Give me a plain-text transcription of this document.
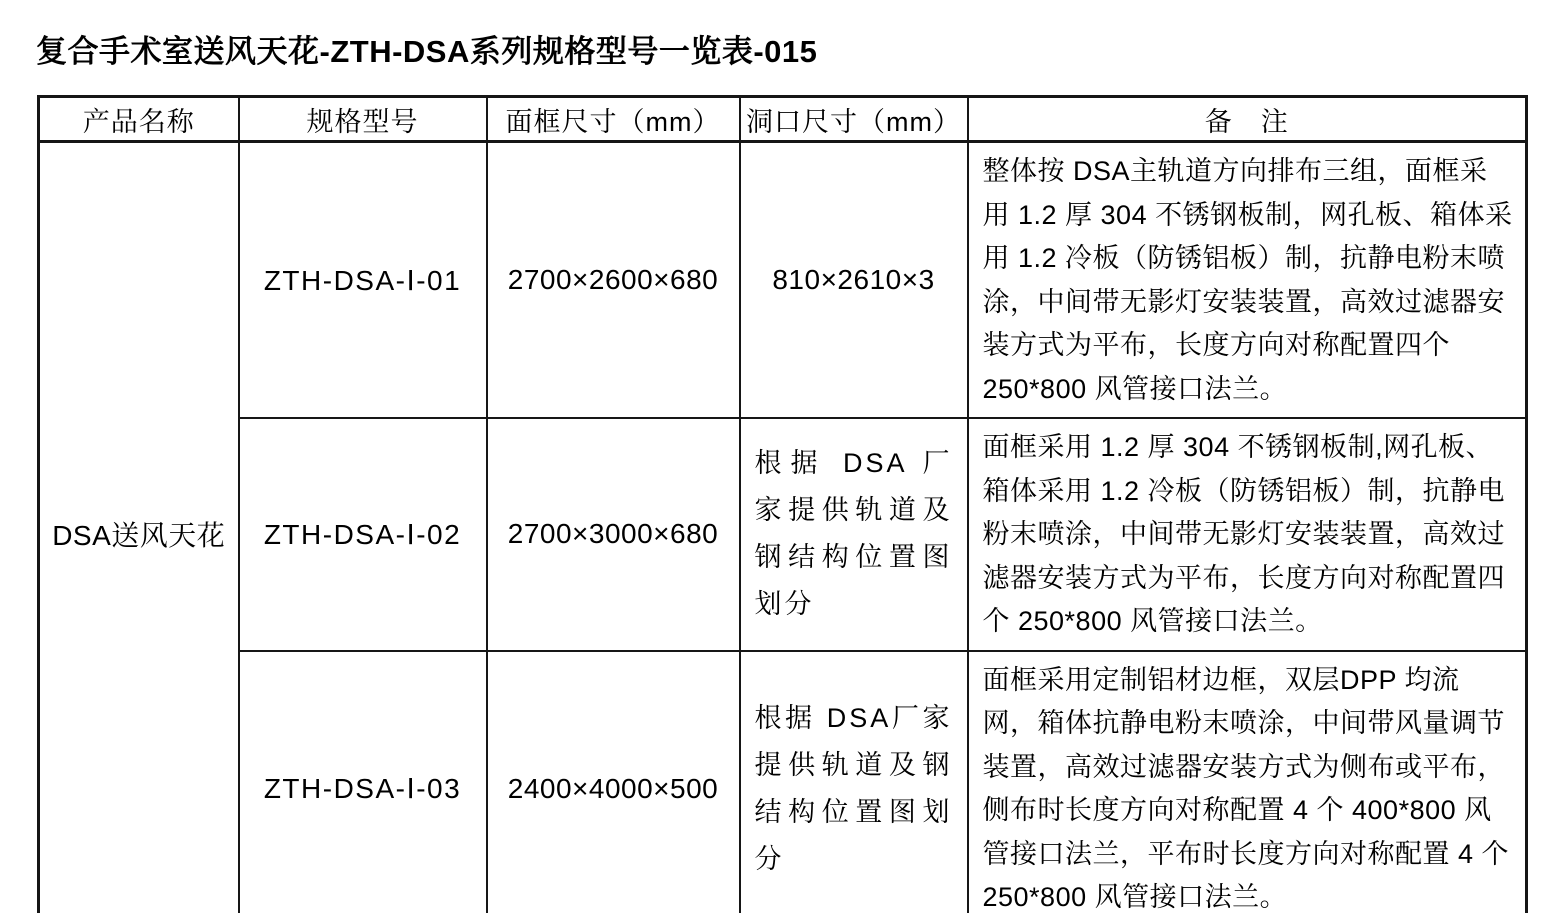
复合手术室送风天花-ZTH-DSA系列规格型号一览表-015
产品名称	规格型号	面框尺寸（mm）	洞口尺寸（mm）	备　注
DSA送风天花	ZTH-DSA-Ⅰ-01	2700×2600×680	810×2610×3	整体按 DSA主轨道方向排布三组，面框采用 1.2 厚 304 不锈钢板制，网孔板、箱体采用 1.2 冷板（防锈铝板）制，抗静电粉末喷涂，中间带无影灯安装装置，高效过滤器安装方式为平布，长度方向对称配置四个 250*800 风管接口法兰。
	ZTH-DSA-Ⅰ-02	2700×3000×680	根据 DSA 厂家提供轨道及钢结构位置图划分	面框采用 1.2 厚 304 不锈钢板制,网孔板、箱体采用 1.2 冷板（防锈铝板）制，抗静电粉末喷涂，中间带无影灯安装装置，高效过滤器安装方式为平布，长度方向对称配置四个 250*800 风管接口法兰。
	ZTH-DSA-Ⅰ-03	2400×4000×500	根据 DSA厂家提供轨道及钢结构位置图划分	面框采用定制铝材边框，双层DPP 均流网，箱体抗静电粉末喷涂，中间带风量调节装置，高效过滤器安装方式为侧布或平布，侧布时长度方向对称配置 4 个 400*800 风管接口法兰，平布时长度方向对称配置 4 个 250*800 风管接口法兰。
